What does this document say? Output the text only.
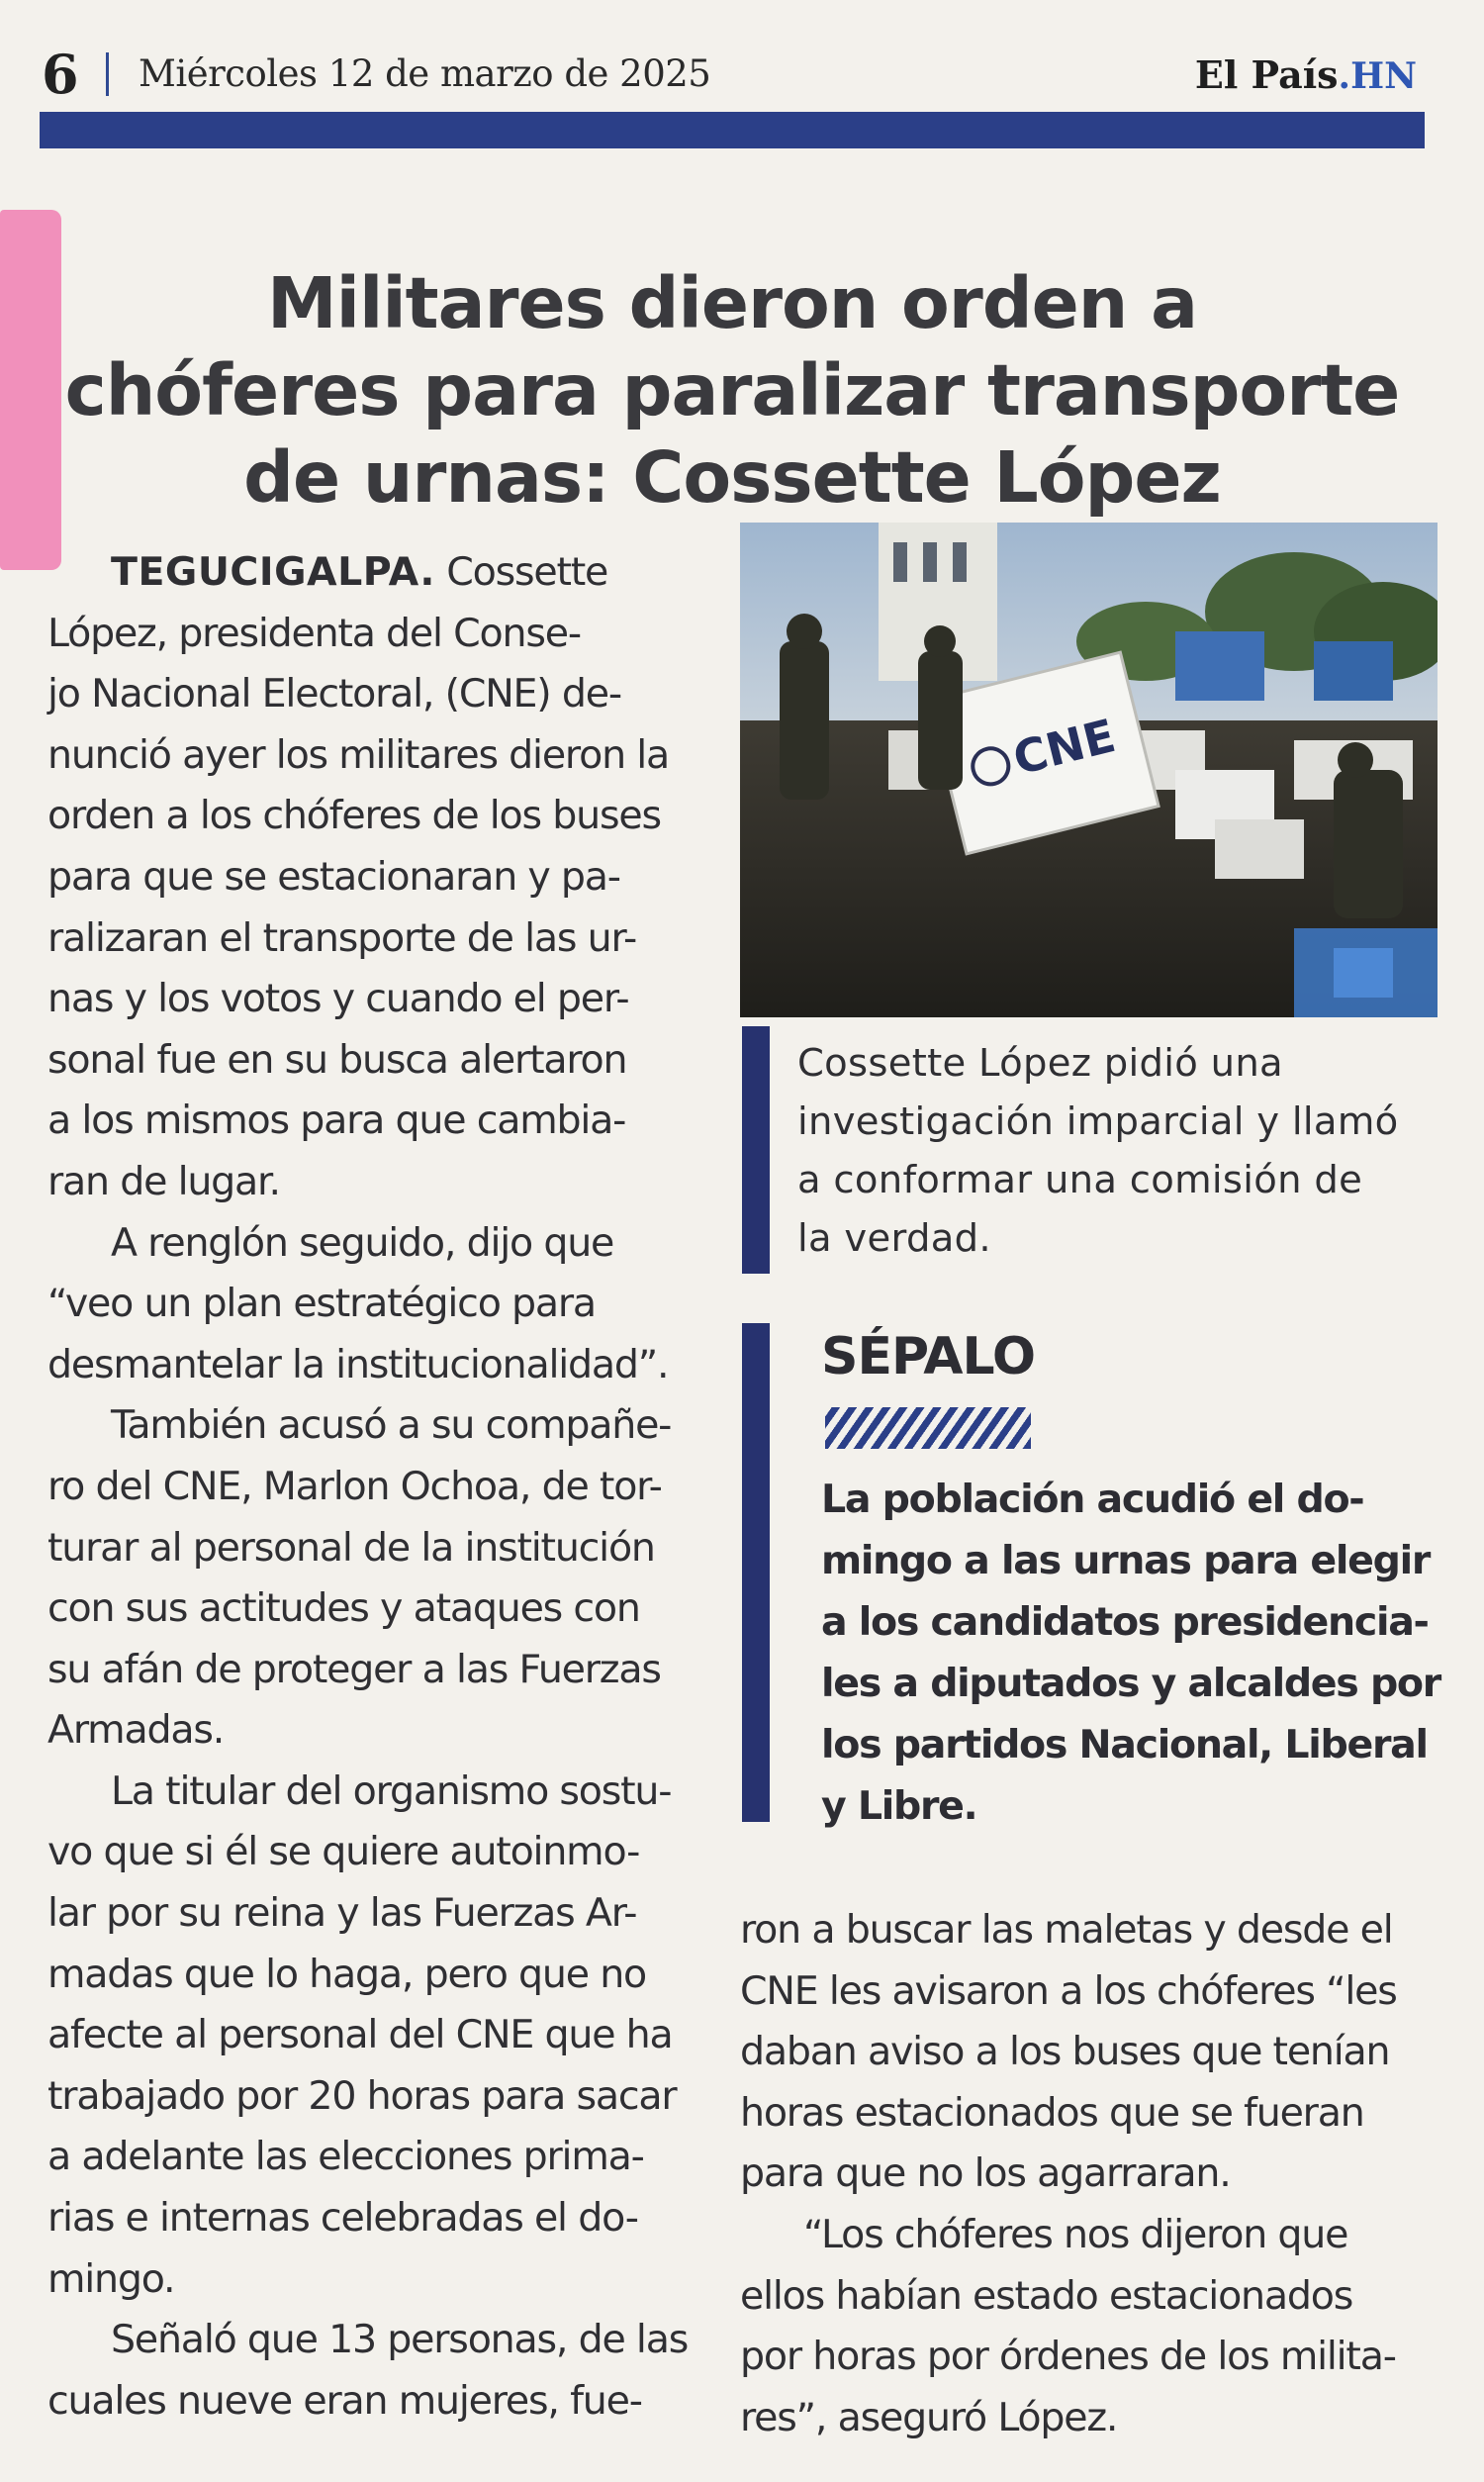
6 Miércoles 12 de marzo de 2025	El País.HN
Militares dieron orden a
chóferes para paralizar transporte
de urnas: Cossette López

TEGUCIGALPA. Cossette
López, presidenta del Conse-
jo Nacional Electoral, (CNE) de-
nunció ayer los militares dieron la
orden a los chóferes de los buses
para que se estacionaran y pa-
ralizaran el transporte de las ur-
nas y los votos y cuando el per-
sonal fue en su busca alertaron
a los mismos para que cambia-
ran de lugar.

A renglón seguido, dijo que
“veo un plan estratégico para
desmantelar la institucionalidad”.

También acusó a su compañe-
ro del CNE, Marlon Ochoa, de tor-
turar al personal de la institución
con sus actitudes y ataques con
su afán de proteger a las Fuerzas
Armadas.

La titular del organismo sostu-
vo que si él se quiere autoinmo-
lar por su reina y las Fuerzas Ar-
madas que lo haga, pero que no
afecte al personal del CNE que ha
trabajado por 20 horas para sacar
a adelante las elecciones prima-
rias e internas celebradas el do-
mingo.

Señaló que 13 personas, de las
cuales nueve eran mujeres, fue-

CNE
Cossette López pidió una
investigación imparcial y llamó
a conformar una comisión de
la verdad.
SÉPALO
La población acudió el do-
mingo a las urnas para elegir
a los candidatos presidencia-
les a diputados y alcaldes por
los partidos Nacional, Liberal
y Libre.

ron a buscar las maletas y desde el
CNE les avisaron a los chóferes “les
daban aviso a los buses que tenían
horas estacionados que se fueran
para que no los agarraran.

“Los chóferes nos dijeron que
ellos habían estado estacionados
por horas por órdenes de los milita-
res”, aseguró López.
